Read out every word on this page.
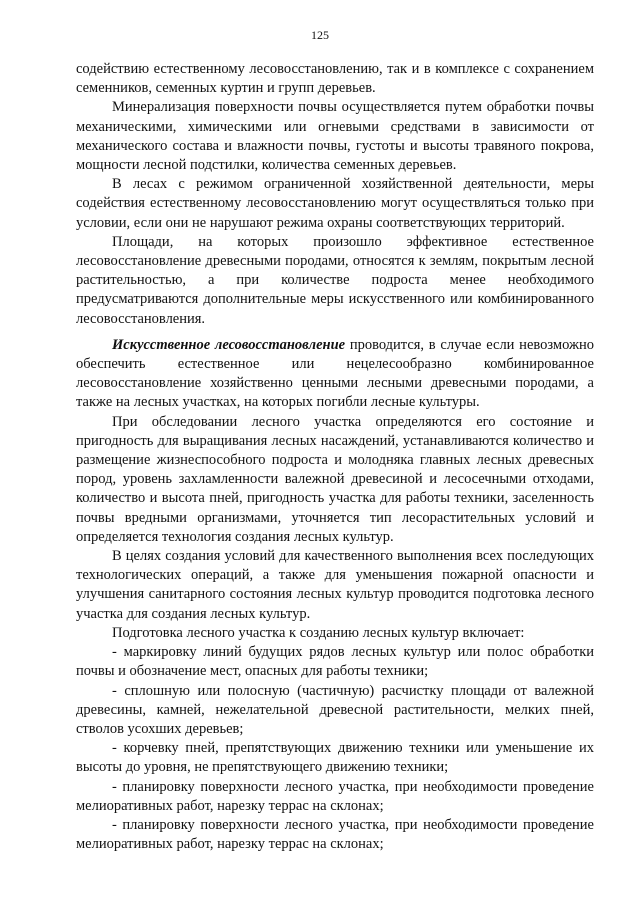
125

содействию естественному лесовосстановлению, так и в комплексе с сохранением семенников, семенных куртин и групп деревьев.

Минерализация поверхности почвы осуществляется путем обработки почвы механическими, химическими или огневыми средствами в зависимости от механического состава и влажности почвы, густоты и высоты травяного покрова, мощности лесной подстилки, количества семенных деревьев.

В лесах с режимом ограниченной хозяйственной деятельности, меры содействия естественному лесовосстановлению могут осуществляться только при условии, если они не нарушают режима охраны соответствующих территорий.

Площади, на которых произошло эффективное естественное лесовосстановление древесными породами, относятся к землям, покрытым лесной растительностью, а при количестве подроста менее необходимого предусматриваются дополнительные меры искусственного или комбинированного лесовосстановления.

Искусственное лесовосстановление проводится, в случае если невозможно обеспечить естественное или нецелесообразно комбинированное лесовосстановление хозяйственно ценными лесными древесными породами, а также на лесных участках, на которых погибли лесные культуры.

При обследовании лесного участка определяются его состояние и пригодность для выращивания лесных насаждений, устанавливаются количество и размещение жизнеспособного подроста и молодняка главных лесных древесных пород, уровень захламленности валежной древесиной и лесосечными отходами, количество и высота пней, пригодность участка для работы техники, заселенность почвы вредными организмами, уточняется тип лесорастительных условий и определяется технология создания лесных культур.

В целях создания условий для качественного выполнения всех последующих технологических операций, а также для уменьшения пожарной опасности и улучшения санитарного состояния лесных культур проводится подготовка лесного участка для создания лесных культур.

Подготовка лесного участка к созданию лесных культур включает:

- маркировку линий будущих рядов лесных культур или полос обработки почвы и обозначение мест, опасных для работы техники;

- сплошную или полосную (частичную) расчистку площади от валежной древесины, камней, нежелательной древесной растительности, мелких пней, стволов усохших деревьев;

- корчевку пней, препятствующих движению техники или уменьшение их высоты до уровня, не препятствующего движению техники;

- планировку поверхности лесного участка, при необходимости проведение мелиоративных работ, нарезку террас на склонах;

- планировку поверхности лесного участка, при необходимости проведение мелиоративных работ, нарезку террас на склонах;
